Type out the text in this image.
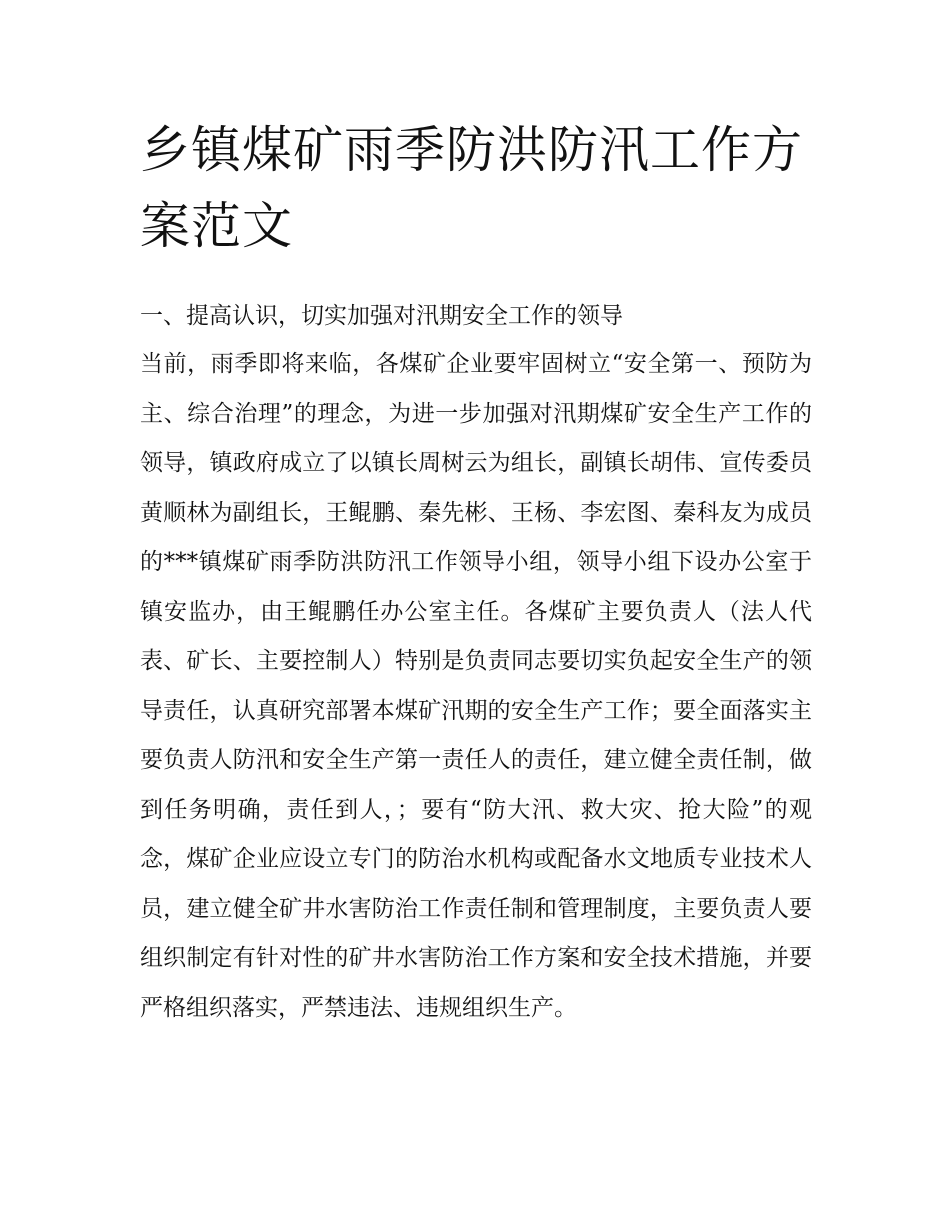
乡镇煤矿雨季防洪防汛工作方案范文
一、提高认识，切实加强对汛期安全工作的领导

当前，雨季即将来临，各煤矿企业要牢固树立“安全第一、预防为主、综合治理”的理念，为进一步加强对汛期煤矿安全生产工作的领导，镇政府成立了以镇长周树云为组长，副镇长胡伟、宣传委员黄顺林为副组长，王鲲鹏、秦先彬、王杨、李宏图、秦科友为成员的***镇煤矿雨季防洪防汛工作领导小组，领导小组下设办公室于镇安监办，由王鲲鹏任办公室主任。各煤矿主要负责人（法人代表、矿长、主要控制人）特别是负责同志要切实负起安全生产的领导责任，认真研究部署本煤矿汛期的安全生产工作；要全面落实主要负责人防汛和安全生产第一责任人的责任，建立健全责任制，做到任务明确，责任到人，；要有“防大汛、救大灾、抢大险”的观念，煤矿企业应设立专门的防治水机构或配备水文地质专业技术人员，建立健全矿井水害防治工作责任制和管理制度，主要负责人要组织制定有针对性的矿井水害防治工作方案和安全技术措施，并要严格组织落实，严禁违法、违规组织生产。
